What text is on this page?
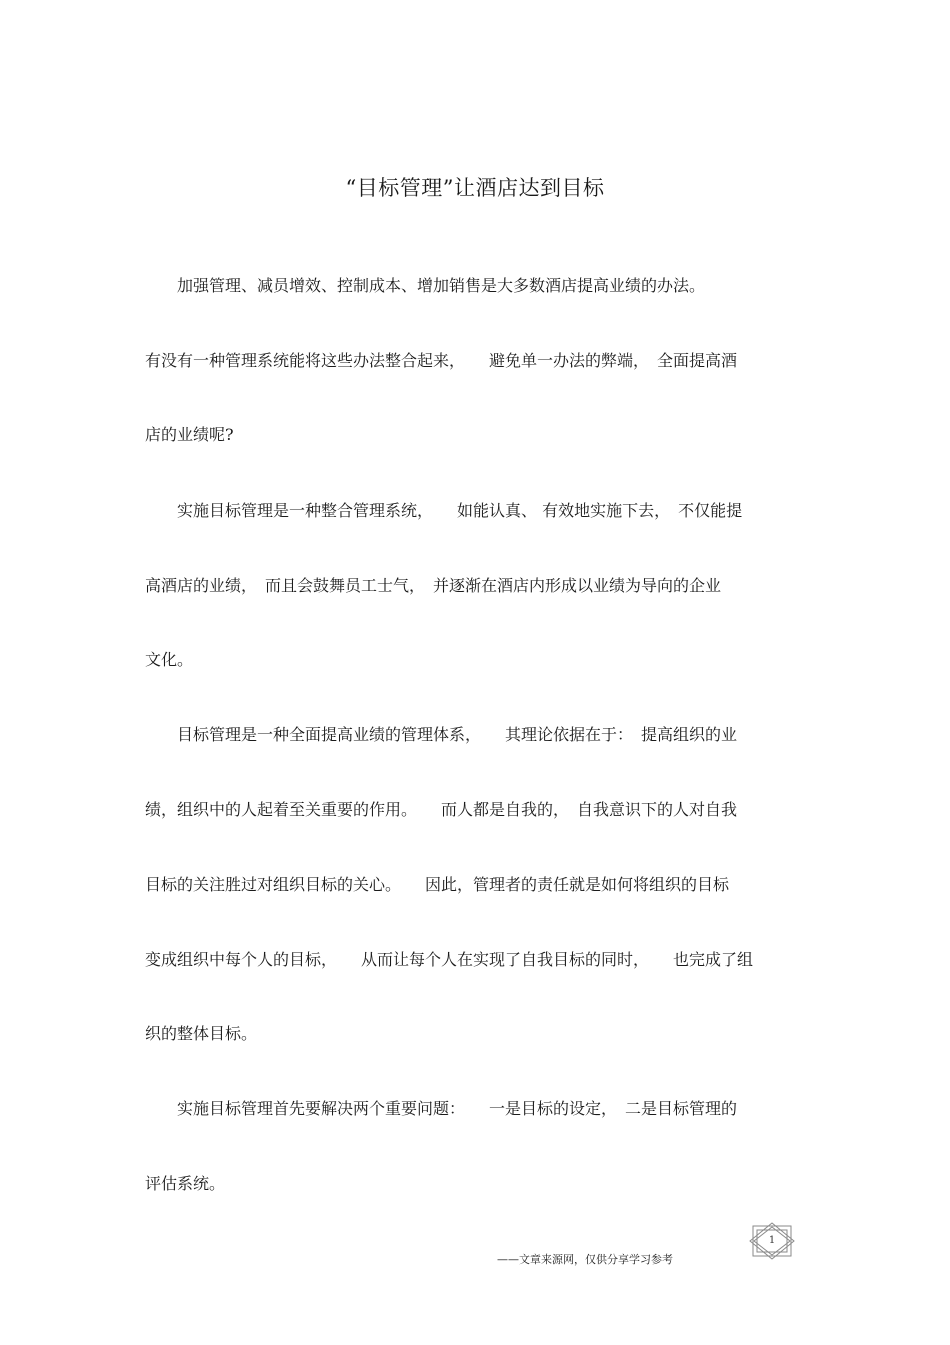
“目标管理”让酒店达到目标

　　加强管理、减员增效、控制成本、增加销售是大多数酒店提高业绩的办法。

有没有一种管理系统能将这些办法整合起来，　　避免单一办法的弊端，　全面提高酒

店的业绩呢?

　　实施目标管理是一种整合管理系统，　　如能认真、 有效地实施下去，　不仅能提

高酒店的业绩，　而且会鼓舞员工士气，　并逐渐在酒店内形成以业绩为导向的企业

文化。

　　目标管理是一种全面提高业绩的管理体系，　　其理论依据在于：　提高组织的业

绩，组织中的人起着至关重要的作用。　　而人都是自我的，　自我意识下的人对自我

目标的关注胜过对组织目标的关心。　　因此，管理者的责任就是如何将组织的目标

变成组织中每个人的目标，　　从而让每个人在实现了自我目标的同时，　　也完成了组

织的整体目标。

　　实施目标管理首先要解决两个重要问题：　　一是目标的设定，　二是目标管理的

评估系统。

——文章来源网，仅供分享学习参考
1
